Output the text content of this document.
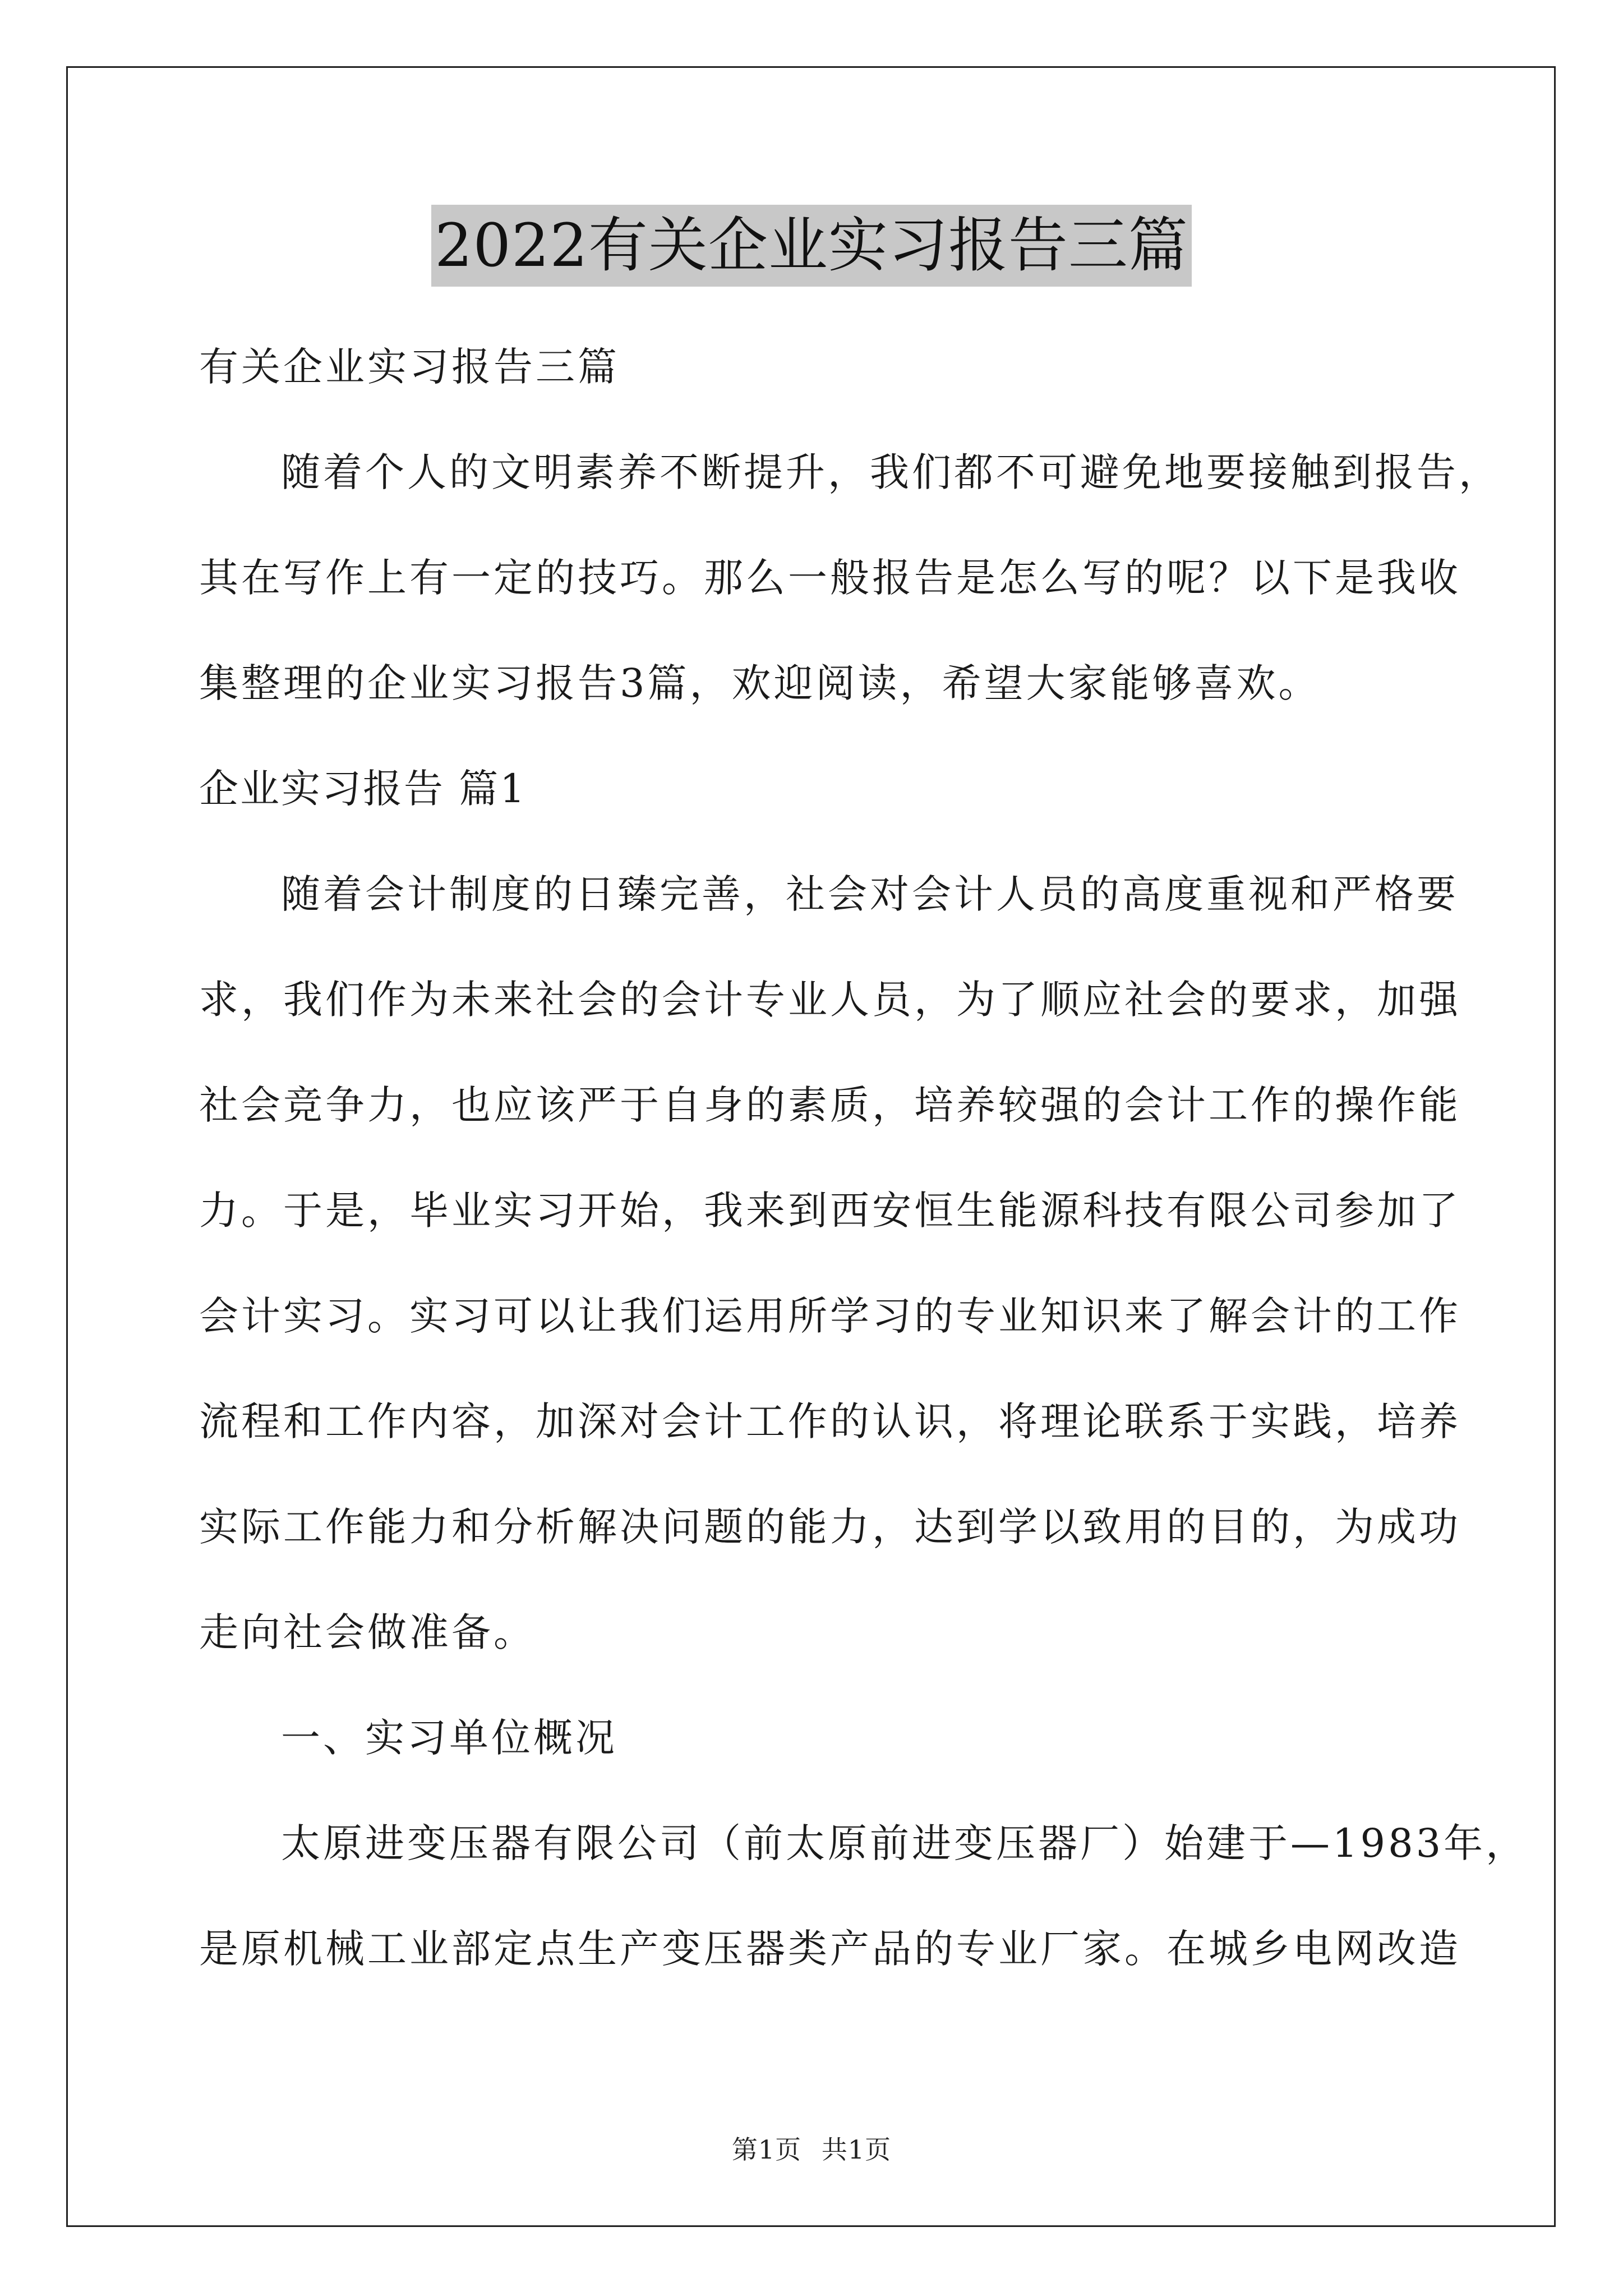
2022有关企业实习报告三篇
有关企业实习报告三篇
随着个人的文明素养不断提升，我们都不可避免地要接触到报告，
其在写作上有一定的技巧。那么一般报告是怎么写的呢？以下是我收
集整理的企业实习报告3篇，欢迎阅读，希望大家能够喜欢。
企业实习报告 篇1
随着会计制度的日臻完善，社会对会计人员的高度重视和严格要
求，我们作为未来社会的会计专业人员，为了顺应社会的要求，加强
社会竞争力，也应该严于自身的素质，培养较强的会计工作的操作能
力。于是，毕业实习开始，我来到西安恒生能源科技有限公司参加了
会计实习。实习可以让我们运用所学习的专业知识来了解会计的工作
流程和工作内容，加深对会计工作的认识，将理论联系于实践，培养
实际工作能力和分析解决问题的能力，达到学以致用的目的，为成功
走向社会做准备。
一、实习单位概况
太原进变压器有限公司（前太原前进变压器厂）始建于—1983年，
是原机械工业部定点生产变压器类产品的专业厂家。在城乡电网改造
第1页 共1页
